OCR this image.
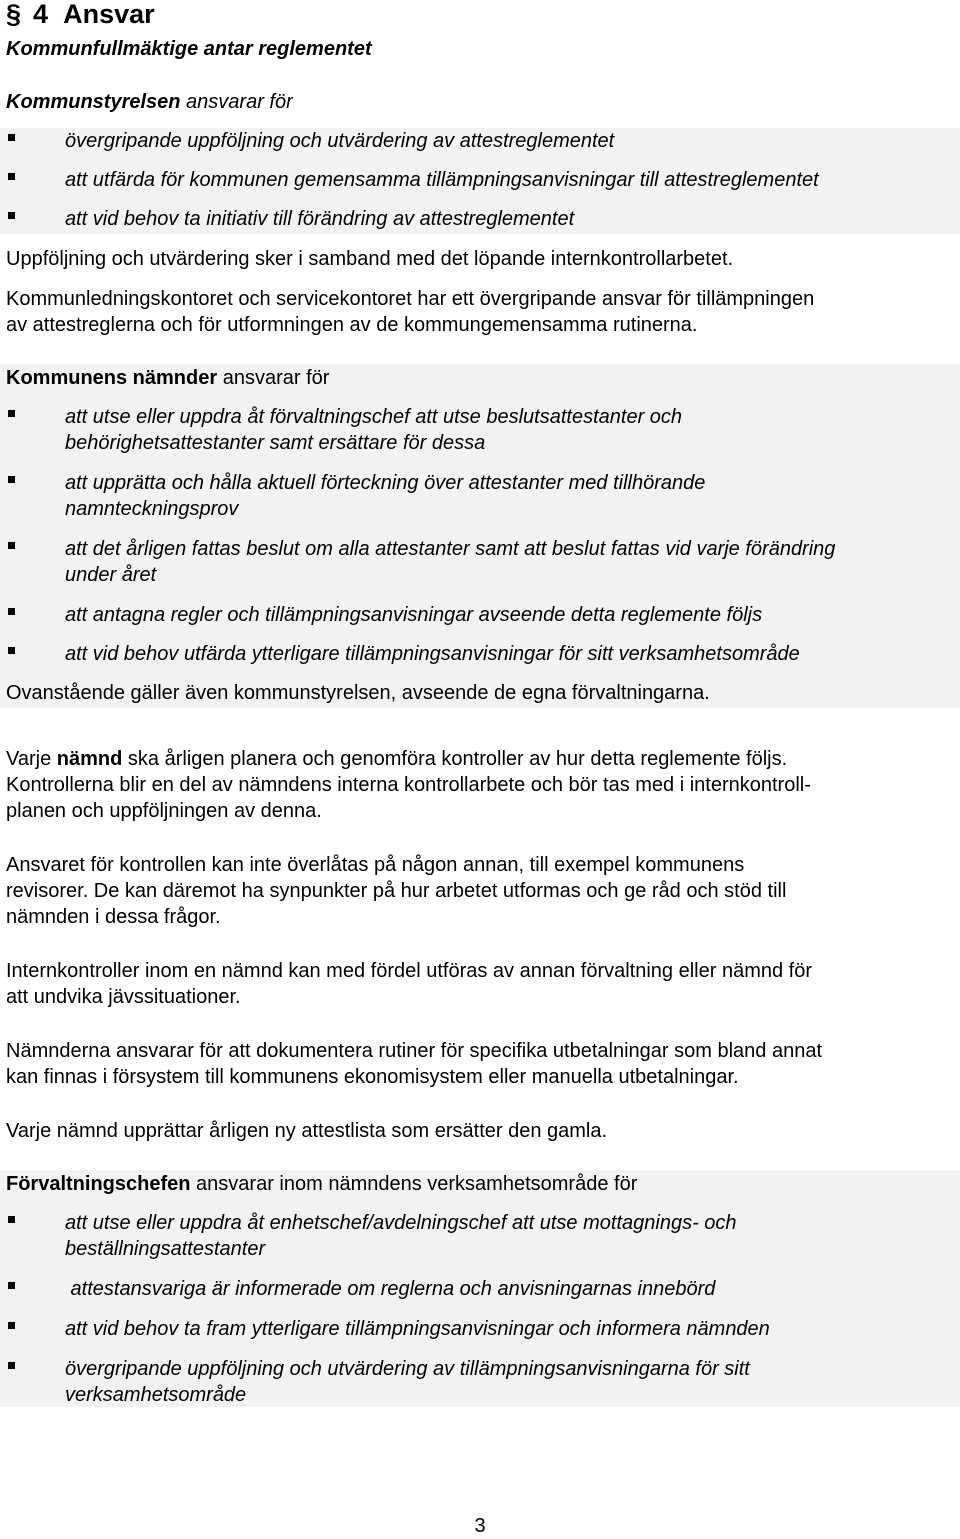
§ 4 Ansvar
Kommunfullmäktige antar reglementet
Kommunstyrelsen ansvarar för
övergripande uppföljning och utvärdering av attestreglementet
att utfärda för kommunen gemensamma tillämpningsanvisningar till attestreglementet
att vid behov ta initiativ till förändring av attestreglementet
Uppföljning och utvärdering sker i samband med det löpande internkontrollarbetet.
Kommunledningskontoret och servicekontoret har ett övergripande ansvar för tillämpningen
av attestreglerna och för utformningen av de kommungemensamma rutinerna.
Kommunens nämnder ansvarar för
att utse eller uppdra åt förvaltningschef att utse beslutsattestanter och
behörighetsattestanter samt ersättare för dessa
att upprätta och hålla aktuell förteckning över attestanter med tillhörande
namnteckningsprov
att det årligen fattas beslut om alla attestanter samt att beslut fattas vid varje förändring
under året
att antagna regler och tillämpningsanvisningar avseende detta reglemente följs
att vid behov utfärda ytterligare tillämpningsanvisningar för sitt verksamhetsområde
Ovanstående gäller även kommunstyrelsen, avseende de egna förvaltningarna.
Varje nämnd ska årligen planera och genomföra kontroller av hur detta reglemente följs.
Kontrollerna blir en del av nämndens interna kontrollarbete och bör tas med i internkontroll-
planen och uppföljningen av denna.
Ansvaret för kontrollen kan inte överlåtas på någon annan, till exempel kommunens
revisorer. De kan däremot ha synpunkter på hur arbetet utformas och ge råd och stöd till
nämnden i dessa frågor.
Internkontroller inom en nämnd kan med fördel utföras av annan förvaltning eller nämnd för
att undvika jävssituationer.
Nämnderna ansvarar för att dokumentera rutiner för specifika utbetalningar som bland annat
kan finnas i försystem till kommunens ekonomisystem eller manuella utbetalningar.
Varje nämnd upprättar årligen ny attestlista som ersätter den gamla.
Förvaltningschefen ansvarar inom nämndens verksamhetsområde för
att utse eller uppdra åt enhetschef/avdelningschef att utse mottagnings- och
beställningsattestanter
attestansvariga är informerade om reglerna och anvisningarnas innebörd
att vid behov ta fram ytterligare tillämpningsanvisningar och informera nämnden
övergripande uppföljning och utvärdering av tillämpningsanvisningarna för sitt
verksamhetsområde
3
